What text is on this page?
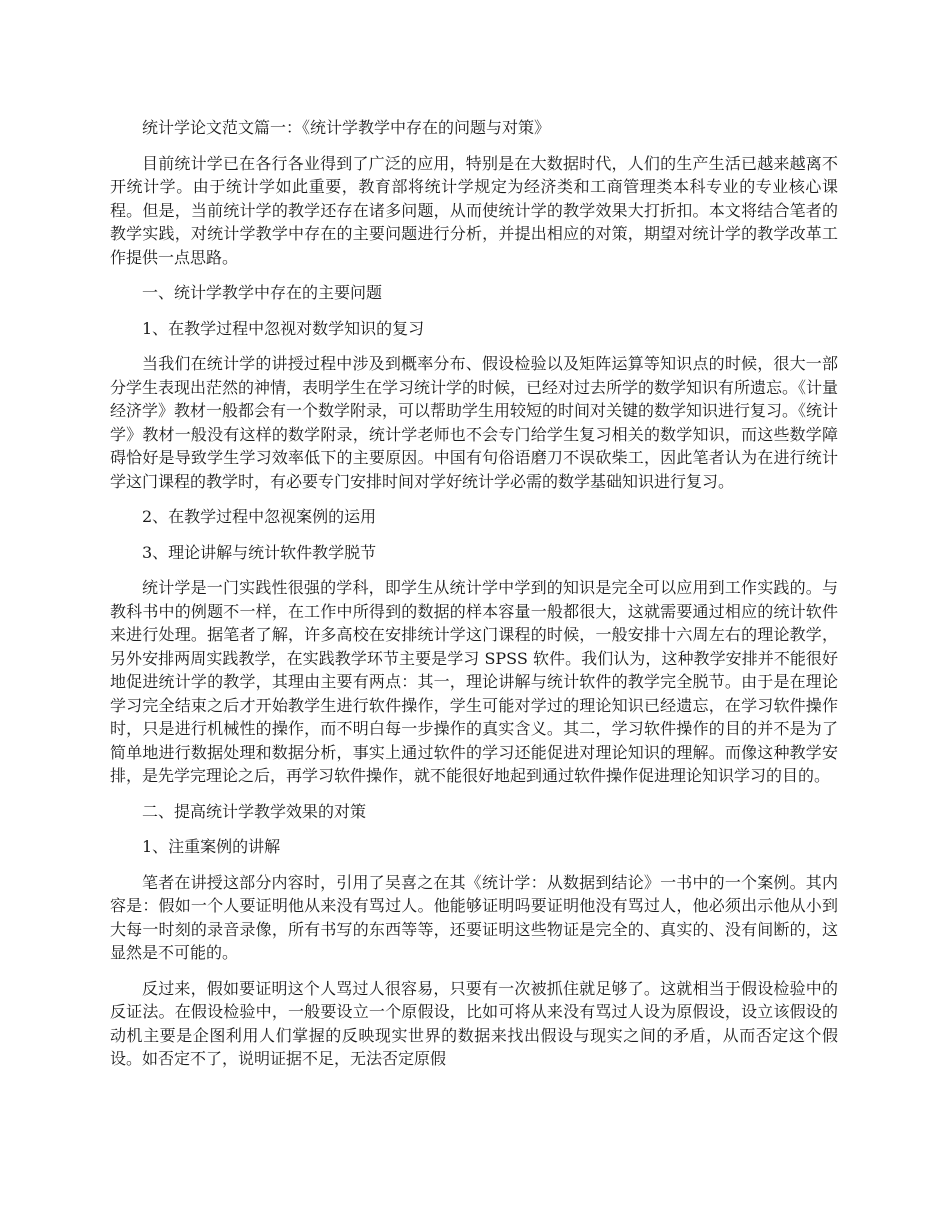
统计学论文范文篇一：《统计学教学中存在的问题与对策》

目前统计学已在各行各业得到了广泛的应用，特别是在大数据时代，人们的生产生活已越来越离不开统计学。由于统计学如此重要，教育部将统计学规定为经济类和工商管理类本科专业的专业核心课程。但是，当前统计学的教学还存在诸多问题，从而使统计学的教学效果大打折扣。本文将结合笔者的教学实践，对统计学教学中存在的主要问题进行分析，并提出相应的对策，期望对统计学的教学改革工作提供一点思路。

一、统计学教学中存在的主要问题

1、在教学过程中忽视对数学知识的复习

当我们在统计学的讲授过程中涉及到概率分布、假设检验以及矩阵运算等知识点的时候，很大一部分学生表现出茫然的神情，表明学生在学习统计学的时候，已经对过去所学的数学知识有所遗忘。《计量经济学》教材一般都会有一个数学附录，可以帮助学生用较短的时间对关键的数学知识进行复习。《统计学》教材一般没有这样的数学附录，统计学老师也不会专门给学生复习相关的数学知识，而这些数学障碍恰好是导致学生学习效率低下的主要原因。中国有句俗语磨刀不误砍柴工，因此笔者认为在进行统计学这门课程的教学时，有必要专门安排时间对学好统计学必需的数学基础知识进行复习。

2、在教学过程中忽视案例的运用

3、理论讲解与统计软件教学脱节

统计学是一门实践性很强的学科，即学生从统计学中学到的知识是完全可以应用到工作实践的。与教科书中的例题不一样，在工作中所得到的数据的样本容量一般都很大，这就需要通过相应的统计软件来进行处理。据笔者了解，许多高校在安排统计学这门课程的时候，一般安排十六周左右的理论教学，另外安排两周实践教学，在实践教学环节主要是学习 SPSS 软件。我们认为，这种教学安排并不能很好地促进统计学的教学，其理由主要有两点：其一，理论讲解与统计软件的教学完全脱节。由于是在理论学习完全结束之后才开始教学生进行软件操作，学生可能对学过的理论知识已经遗忘，在学习软件操作时，只是进行机械性的操作，而不明白每一步操作的真实含义。其二，学习软件操作的目的并不是为了简单地进行数据处理和数据分析，事实上通过软件的学习还能促进对理论知识的理解。而像这种教学安排，是先学完理论之后，再学习软件操作，就不能很好地起到通过软件操作促进理论知识学习的目的。

二、提高统计学教学效果的对策

1、注重案例的讲解

笔者在讲授这部分内容时，引用了吴喜之在其《统计学：从数据到结论》一书中的一个案例。其内容是：假如一个人要证明他从来没有骂过人。他能够证明吗要证明他没有骂过人，他必须出示他从小到大每一时刻的录音录像，所有书写的东西等等，还要证明这些物证是完全的、真实的、没有间断的，这显然是不可能的。

反过来，假如要证明这个人骂过人很容易，只要有一次被抓住就足够了。这就相当于假设检验中的反证法。在假设检验中，一般要设立一个原假设，比如可将从来没有骂过人设为原假设，设立该假设的动机主要是企图利用人们掌握的反映现实世界的数据来找出假设与现实之间的矛盾，从而否定这个假设。如否定不了，说明证据不足，无法否定原假
